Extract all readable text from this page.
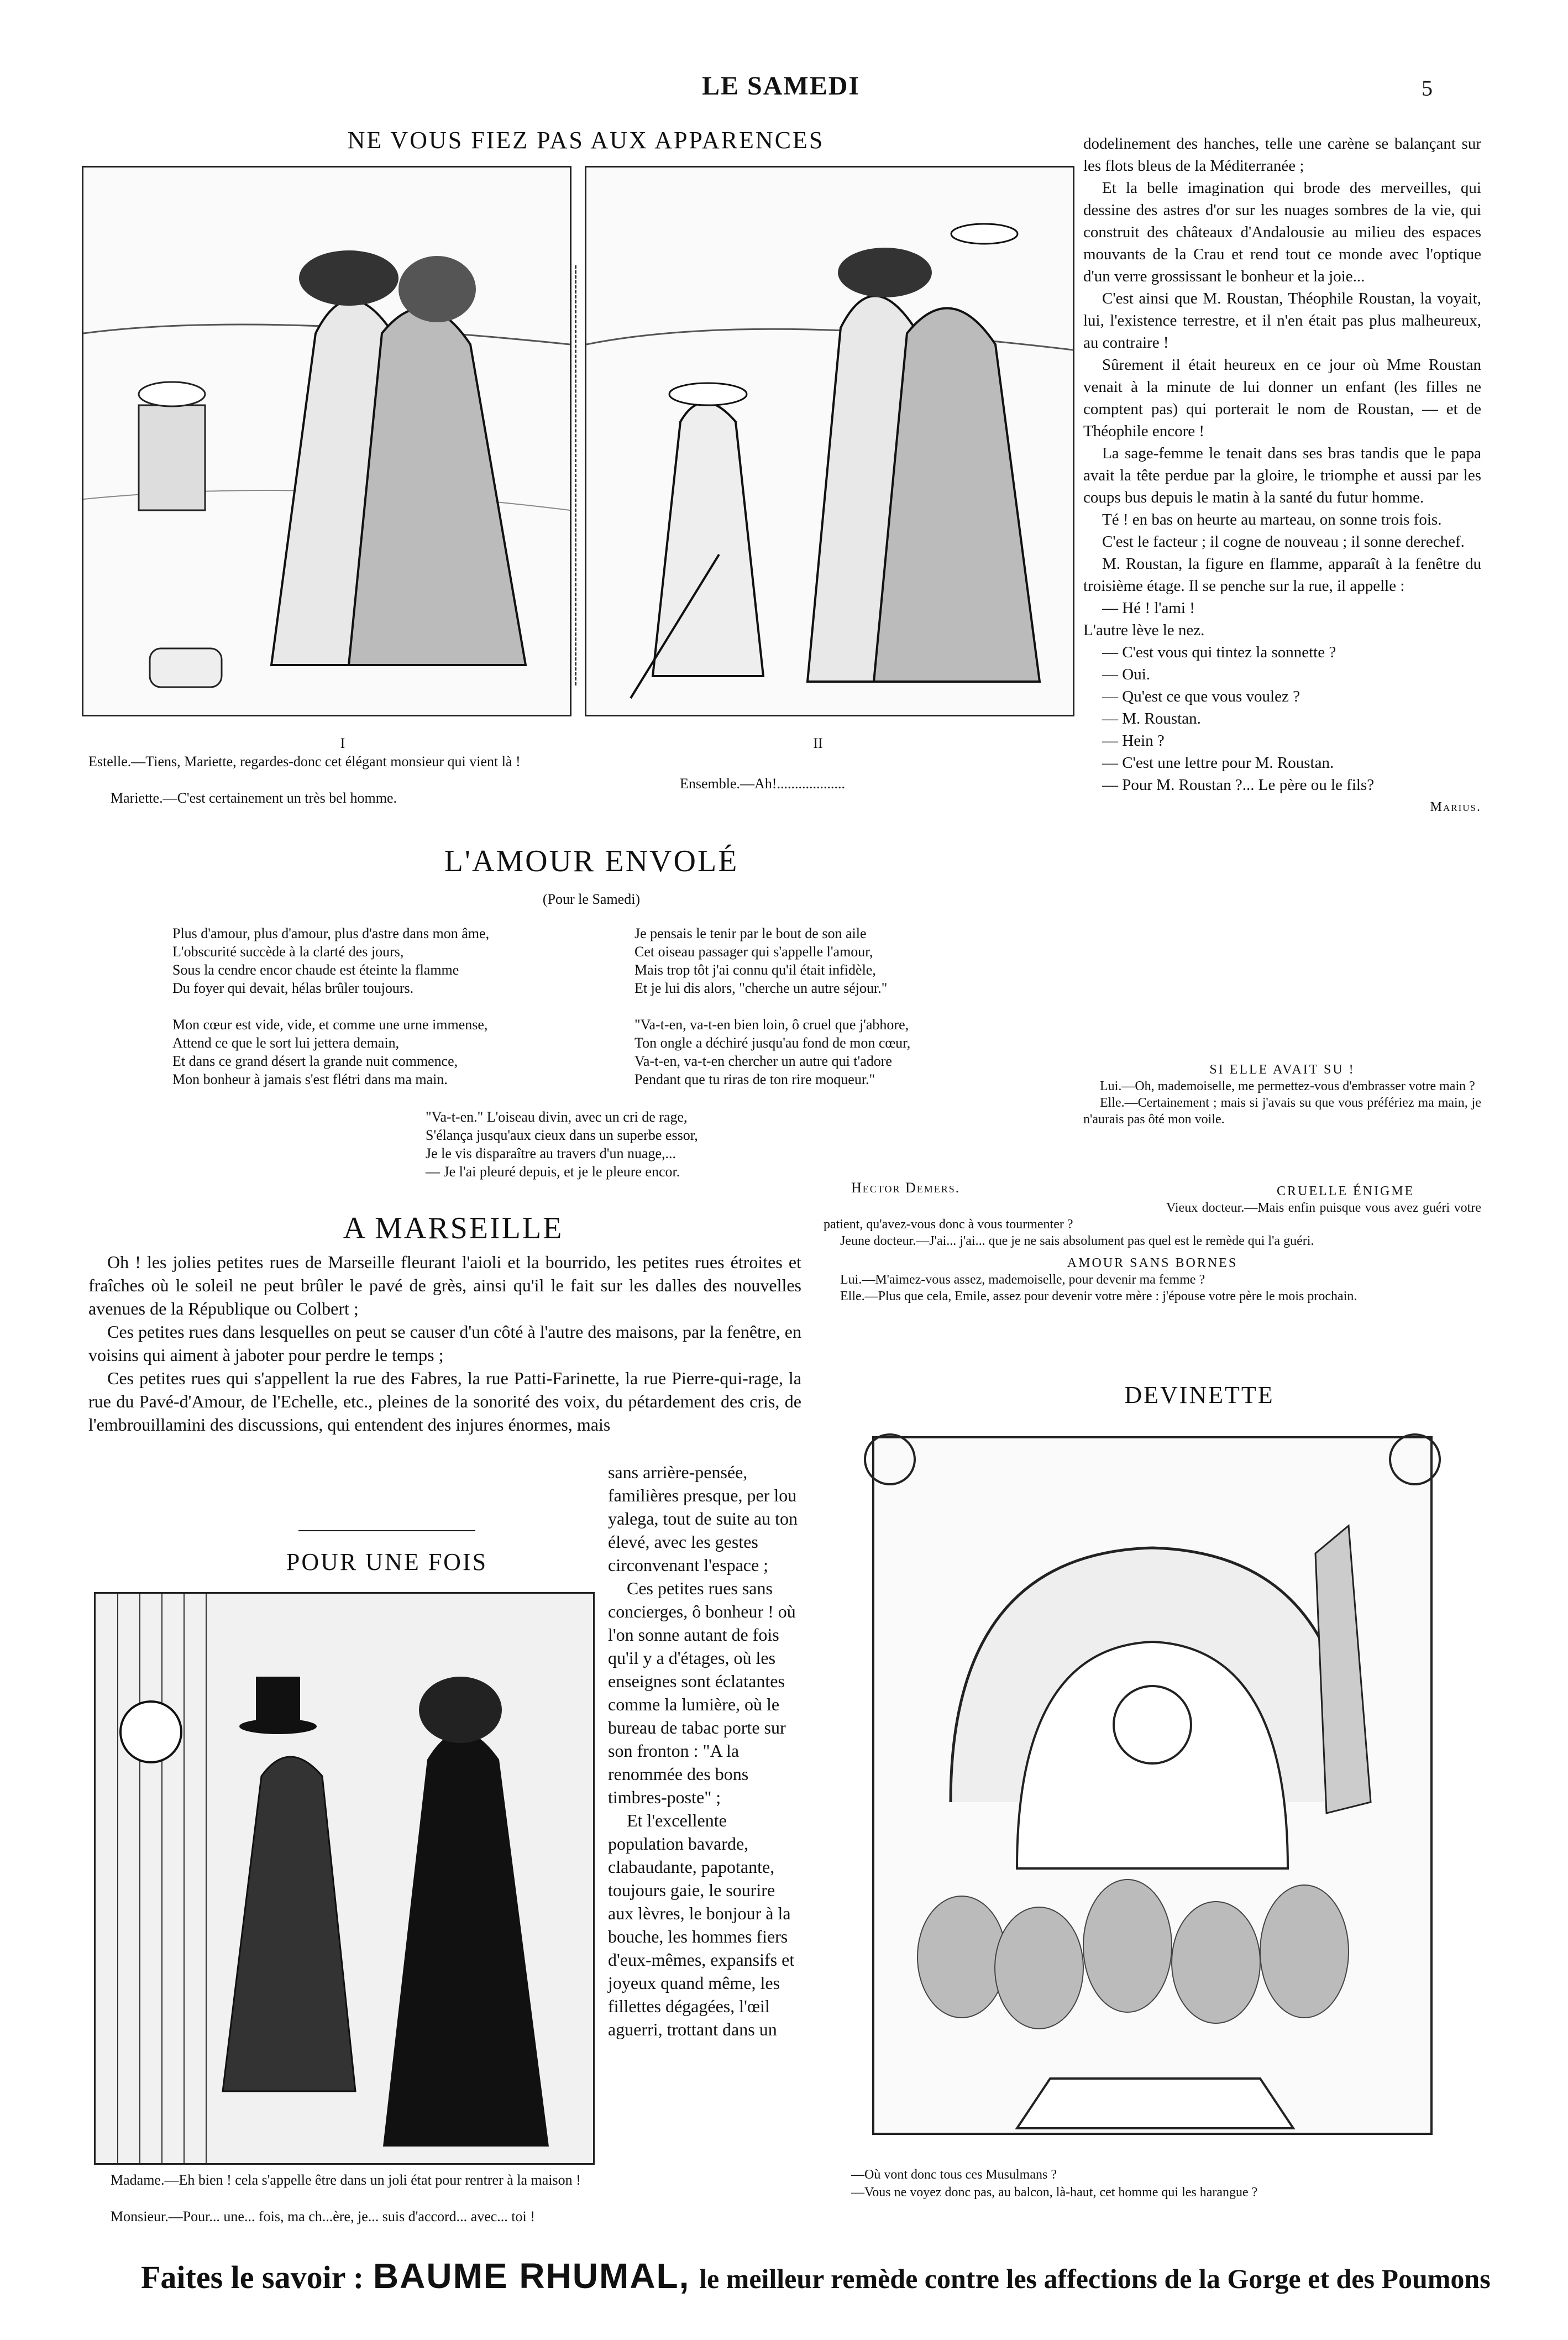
LE SAMEDI	5
NE VOUS FIEZ PAS AUX APPARENCES
I	II
Estelle.—Tiens, Mariette, regardes-donc cet élégant monsieur qui vient là !
Mariette.—C'est certainement un très bel homme.
Ensemble.—Ah!...................
L'AMOUR ENVOLÉ
(Pour le Samedi)
Plus d'amour, plus d'amour, plus d'astre dans mon âme,
L'obscurité succède à la clarté des jours,
Sous la cendre encor chaude est éteinte la flamme
Du foyer qui devait, hélas brûler toujours.
Mon cœur est vide, vide, et comme une urne immense,
Attend ce que le sort lui jettera demain,
Et dans ce grand désert la grande nuit commence,
Mon bonheur à jamais s'est flétri dans ma main.
Je pensais le tenir par le bout de son aile
Cet oiseau passager qui s'appelle l'amour,
Mais trop tôt j'ai connu qu'il était infidèle,
Et je lui dis alors, "cherche un autre séjour."
"Va-t-en, va-t-en bien loin, ô cruel que j'abhore,
Ton ongle a déchiré jusqu'au fond de mon cœur,
Va-t-en, va-t-en chercher un autre qui t'adore
Pendant que tu riras de ton rire moqueur."
"Va-t-en." L'oiseau divin, avec un cri de rage,
S'élança jusqu'aux cieux dans un superbe essor,
Je le vis disparaître au travers d'un nuage,...
— Je l'ai pleuré depuis, et je le pleure encor.
Hector Demers.
A MARSEILLE

Oh ! les jolies petites rues de Marseille fleurant l'aioli et la bourrido, les petites rues étroites et fraîches où le soleil ne peut brûler le pavé de grès, ainsi qu'il le fait sur les dalles des nouvelles avenues de la République ou Colbert ;

Ces petites rues dans lesquelles on peut se causer d'un côté à l'autre des maisons, par la fenêtre, en voisins qui aiment à jaboter pour perdre le temps ;

Ces petites rues qui s'appellent la rue des Fabres, la rue Patti-Farinette, la rue Pierre-qui-rage, la rue du Pavé-d'Amour, de l'Echelle, etc., pleines de la sonorité des voix, du pétardement des cris, de l'embrouillamini des discussions, qui entendent des injures énormes, mais

POUR UNE FOIS
Madame.—Eh bien ! cela s'appelle être dans un joli état pour rentrer à la maison !
Monsieur.—Pour... une... fois, ma ch...ère, je... suis d'accord... avec... toi !
sans arrière-pensée, familières presque, per lou yalega, tout de suite au ton élevé, avec les gestes circonvenant l'espace ;

Ces petites rues sans concierges, ô bonheur ! où l'on sonne autant de fois qu'il y a d'étages, où les enseignes sont éclatantes comme la lumière, où le bureau de tabac porte sur son fronton : "A la renommée des bons timbres-poste" ;

Et l'excellente population bavarde, clabaudante, papotante, toujours gaie, le sourire aux lèvres, le bonjour à la bouche, les hommes fiers d'eux-mêmes, expansifs et joyeux quand même, les fillettes dégagées, l'œil aguerri, trottant dans un

dodelinement des hanches, telle une carène se balançant sur les flots bleus de la Méditerranée ;

Et la belle imagination qui brode des merveilles, qui dessine des astres d'or sur les nuages sombres de la vie, qui construit des châteaux d'Andalousie au milieu des espaces mouvants de la Crau et rend tout ce monde avec l'optique d'un verre grossissant le bonheur et la joie...

C'est ainsi que M. Roustan, Théophile Roustan, la voyait, lui, l'existence terrestre, et il n'en était pas plus malheureux, au contraire !

Sûrement il était heureux en ce jour où Mme Roustan venait à la minute de lui donner un enfant (les filles ne comptent pas) qui porterait le nom de Roustan, — et de Théophile encore !

La sage-femme le tenait dans ses bras tandis que le papa avait la tête perdue par la gloire, le triomphe et aussi par les coups bus depuis le matin à la santé du futur homme.

Té ! en bas on heurte au marteau, on sonne trois fois.

C'est le facteur ; il cogne de nouveau ; il sonne derechef.

M. Roustan, la figure en flamme, apparaît à la fenêtre du troisième étage. Il se penche sur la rue, il appelle :

— Hé ! l'ami !

L'autre lève le nez.

— C'est vous qui tintez la sonnette ?

— Oui.

— Qu'est ce que vous voulez ?

— M. Roustan.

— Hein ?

— C'est une lettre pour M. Roustan.

— Pour M. Roustan ?... Le père ou le fils?

Marius.
SI ELLE AVAIT SU !
Lui.—Oh, mademoiselle, me permettez-vous d'embrasser votre main ?
Elle.—Certainement ; mais si j'avais su que vous préfériez ma main, je n'aurais pas ôté mon voile.
CRUELLE ÉNIGME
Vieux docteur.—Mais enfin puisque vous avez guéri votre patient, qu'avez-vous donc à vous tourmenter ?
Jeune docteur.—J'ai... j'ai... que je ne sais absolument pas quel est le remède qui l'a guéri.
AMOUR SANS BORNES
Lui.—M'aimez-vous assez, mademoiselle, pour devenir ma femme ?
Elle.—Plus que cela, Emile, assez pour devenir votre mère : j'épouse votre père le mois prochain.
DEVINETTE
—Où vont donc tous ces Musulmans ?
—Vous ne voyez donc pas, au balcon, là-haut, cet homme qui les harangue ?
Faites le savoir : BAUME RHUMAL, le meilleur remède contre les affections de la Gorge et des Poumons
